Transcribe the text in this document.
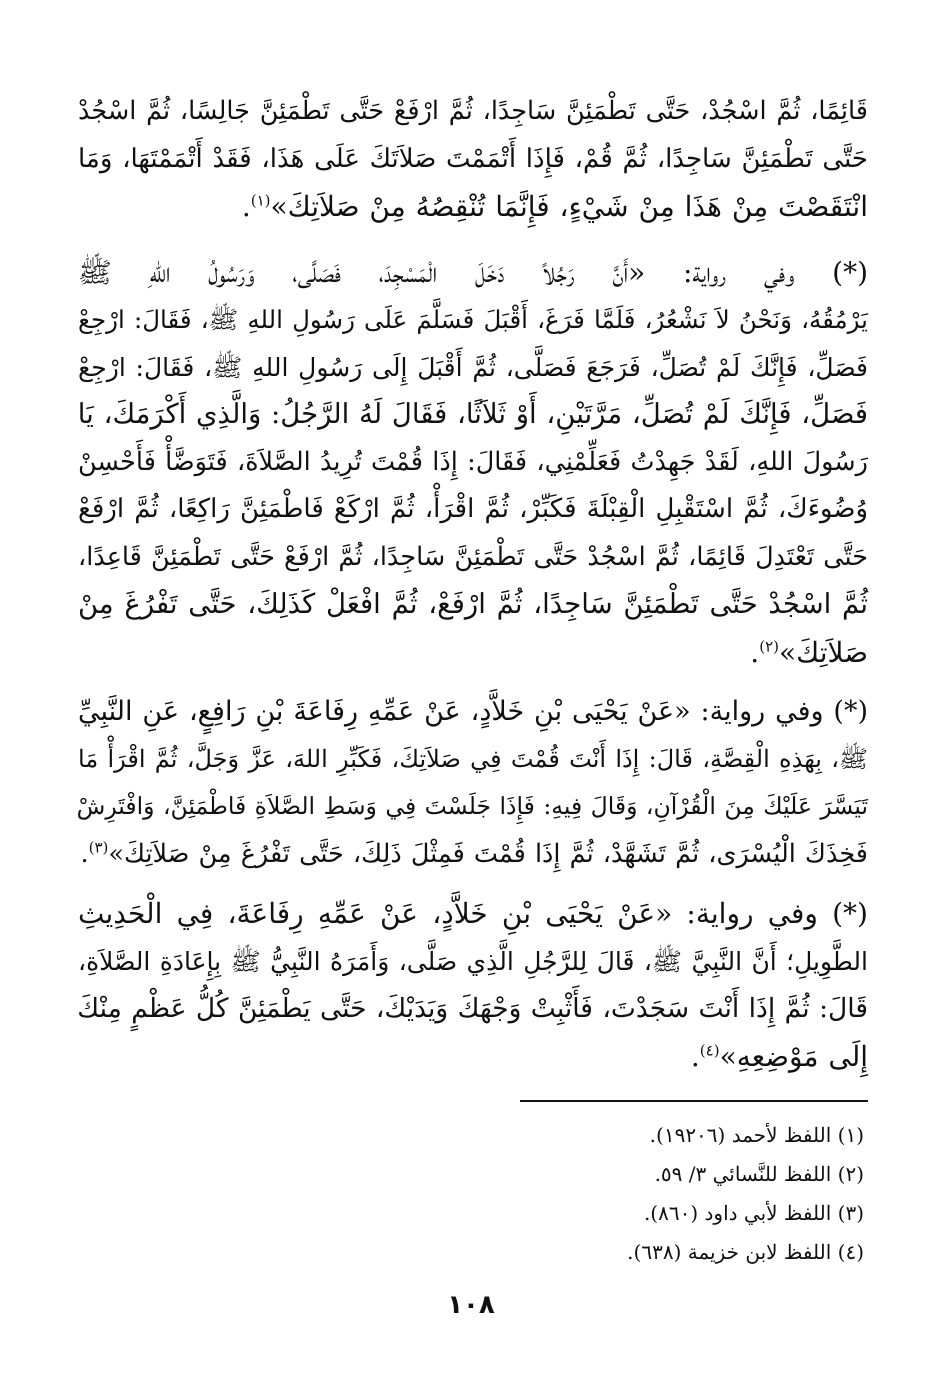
قَائِمًا، ثُمَّ اسْجُدْ، حَتَّى تَطْمَئِنَّ سَاجِدًا، ثُمَّ ارْفَعْ حَتَّى تَطْمَئِنَّ جَالِسًا، ثُمَّ اسْجُدْ
حَتَّى تَطْمَئِنَّ سَاجِدًا، ثُمَّ قُمْ، فَإِذَا أَتْمَمْتَ صَلاَتَكَ عَلَى هَذَا، فَقَدْ أَتْمَمْتَهَا، وَمَا
انْتَقَصْتَ مِنْ هَذَا مِنْ شَيْءٍ، فَإِنَّمَا تُنْقِصُهُ مِنْ صَلاَتِكَ»$^{(١)}$.

(*) وفي رواية: «أَنَّ رَجُلاً دَخَلَ الْمَسْجِدَ، فَصَلَّى، وَرَسُولُ اللهِ ﷺ
يَرْمُقُهُ، وَنَحْنُ لاَ نَشْعُرُ، فَلَمَّا فَرَغَ، أَقْبَلَ فَسَلَّمَ عَلَى رَسُولِ اللهِ ﷺ، فَقَالَ: ارْجِعْ
فَصَلِّ، فَإِنَّكَ لَمْ تُصَلِّ، فَرَجَعَ فَصَلَّى، ثُمَّ أَقْبَلَ إِلَى رَسُولِ اللهِ ﷺ، فَقَالَ: ارْجِعْ
فَصَلِّ، فَإِنَّكَ لَمْ تُصَلِّ، مَرَّتَيْنِ، أَوْ ثَلاَثًا، فَقَالَ لَهُ الرَّجُلُ: وَالَّذِي أَكْرَمَكَ، يَا
رَسُولَ اللهِ، لَقَدْ جَهِدْتُ فَعَلِّمْنِي، فَقَالَ: إِذَا قُمْتَ تُرِيدُ الصَّلاَةَ، فَتَوَضَّأْ فَأَحْسِنْ
وُضُوءَكَ، ثُمَّ اسْتَقْبِلِ الْقِبْلَةَ فَكَبِّرْ، ثُمَّ اقْرَأْ، ثُمَّ ارْكَعْ فَاطْمَئِنَّ رَاكِعًا، ثُمَّ ارْفَعْ
حَتَّى تَعْتَدِلَ قَائِمًا، ثُمَّ اسْجُدْ حَتَّى تَطْمَئِنَّ سَاجِدًا، ثُمَّ ارْفَعْ حَتَّى تَطْمَئِنَّ قَاعِدًا،
ثُمَّ اسْجُدْ حَتَّى تَطْمَئِنَّ سَاجِدًا، ثُمَّ ارْفَعْ، ثُمَّ افْعَلْ كَذَلِكَ، حَتَّى تَفْرُغَ مِنْ
صَلاَتِكَ»$^{(٢)}$.

(*) وفي رواية: «عَنْ يَحْيَى بْنِ خَلاَّدٍ، عَنْ عَمِّهِ رِفَاعَةَ بْنِ رَافِعٍ، عَنِ النَّبِيِّ
ﷺ، بِهَذِهِ الْقِصَّةِ، قَالَ: إِذَا أَنْتَ قُمْتَ فِي صَلاَتِكَ، فَكَبِّرِ اللهَ، عَزَّ وَجَلَّ، ثُمَّ اقْرَأْ مَا
تَيَسَّرَ عَلَيْكَ مِنَ الْقُرْآنِ، وَقَالَ فِيهِ: فَإِذَا جَلَسْتَ فِي وَسَطِ الصَّلاَةِ فَاطْمَئِنَّ، وَافْتَرِشْ
فَخِذَكَ الْيُسْرَى، ثُمَّ تَشَهَّدْ، ثُمَّ إِذَا قُمْتَ فَمِثْلَ ذَلِكَ، حَتَّى تَفْرُغَ مِنْ صَلاَتِكَ»$^{(٣)}$.

(*) وفي رواية: «عَنْ يَحْيَى بْنِ خَلاَّدٍ، عَنْ عَمِّهِ رِفَاعَةَ، فِي الْحَدِيثِ
الطَّوِيلِ؛ أَنَّ النَّبِيَّ ﷺ، قَالَ لِلرَّجُلِ الَّذِي صَلَّى، وَأَمَرَهُ النَّبِيُّ ﷺ بِإِعَادَةِ الصَّلاَةِ،
قَالَ: ثُمَّ إِذَا أَنْتَ سَجَدْتَ، فَأَثْبِتْ وَجْهَكَ وَيَدَيْكَ، حَتَّى يَطْمَئِنَّ كُلُّ عَظْمٍ مِنْكَ
إِلَى مَوْضِعِهِ»$^{(٤)}$.

(١) اللفظ لأحمد (١٩٢٠٦).
(٢) اللفظ للنَّسائي ٣/ ٥٩.
(٣) اللفظ لأبي داود (٨٦٠).
(٤) اللفظ لابن خزيمة (٦٣٨).
١٠٨
